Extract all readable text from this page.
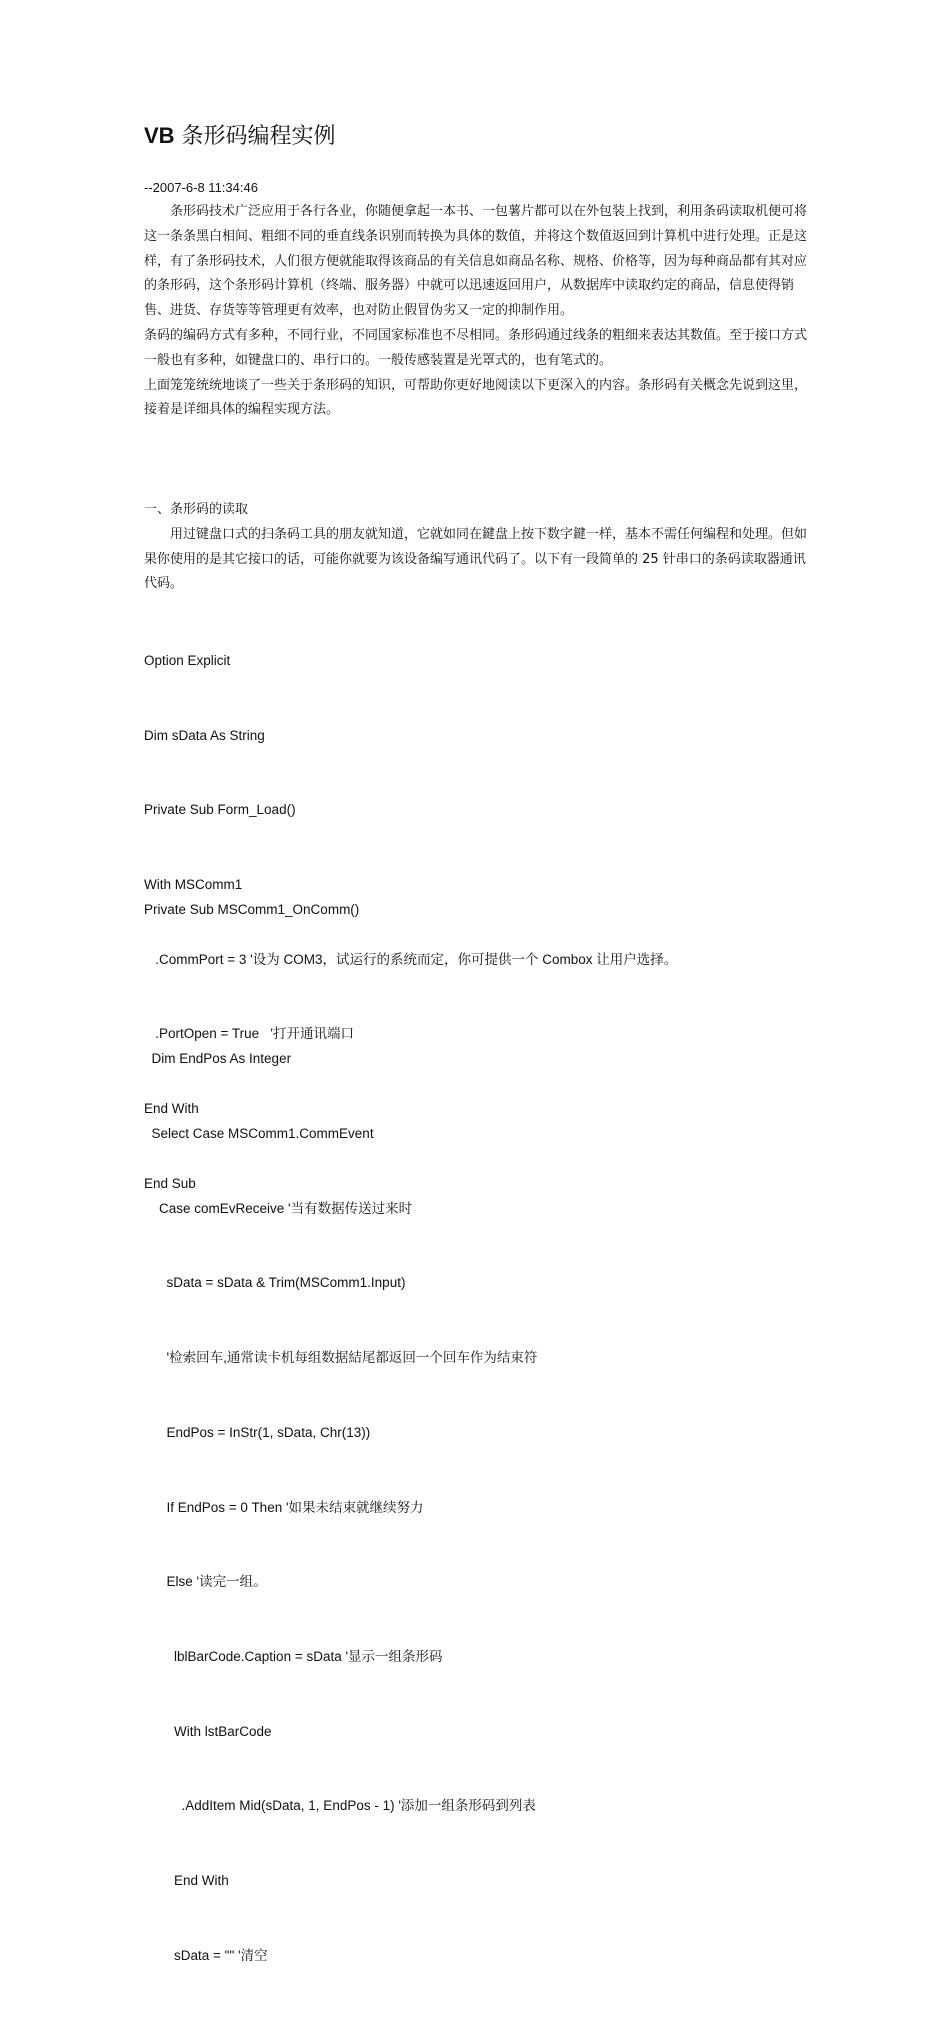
VB 条形码编程实例
--2007-6-8 11:34:46

条形码技术广泛应用于各行各业，你随便拿起一本书、一包薯片都可以在外包装上找到，利用条码读取机便可将这一条条黑白相间、粗细不同的垂直线条识别而转换为具体的数值，并将这个数值返回到计算机中进行处理。正是这样，有了条形码技术，人们很方便就能取得该商品的有关信息如商品名称、规格、价格等，因为每种商品都有其对应的条形码，这个条形码计算机（终端、服务器）中就可以迅速返回用户，从数据库中读取约定的商品，信息使得销售、进货、存货等等管理更有效率，也对防止假冒伪劣又一定的抑制作用。

条码的编码方式有多种，不同行业，不同国家标准也不尽相同。条形码通过线条的粗细来表达其数值。至于接口方式一般也有多种，如键盘口的、串行口的。一般传感装置是光罩式的，也有笔式的。

上面笼笼统统地谈了一些关于条形码的知识，可帮助你更好地阅读以下更深入的内容。条形码有关概念先说到这里，接着是详细具体的编程实现方法。

一、条形码的读取

用过键盘口式的扫条码工具的朋友就知道，它就如同在鍵盘上按下数字鍵一样，基本不需任何编程和处理。但如果你使用的是其它接口的话，可能你就要为该设备编写通讯代码了。以下有一段简单的 25 针串口的条码读取器通讯代码。

Option Explicit

Dim sData As String

Private Sub Form_Load()

With MSComm1

.CommPort = 3 '设为 COM3，试运行的系统而定，你可提供一个 Combox 让用户选择。

.PortOpen = True   '打开通讯端口

End With

End Sub

Private Sub MSComm1_OnComm()

Dim EndPos As Integer

Select Case MSComm1.CommEvent

Case comEvReceive '当有数据传送过来时

sData = sData & Trim(MSComm1.Input)

'检索回车,通常读卡机每组数据結尾都返回一个回车作为结束符

EndPos = InStr(1, sData, Chr(13))

If EndPos = 0 Then '如果未结束就继续努力

Else '读完一组。

lblBarCode.Caption = sData '显示一组条形码

With lstBarCode

.AddItem Mid(sData, 1, EndPos - 1) '添加一组条形码到列表

End With

sData = "" '清空
